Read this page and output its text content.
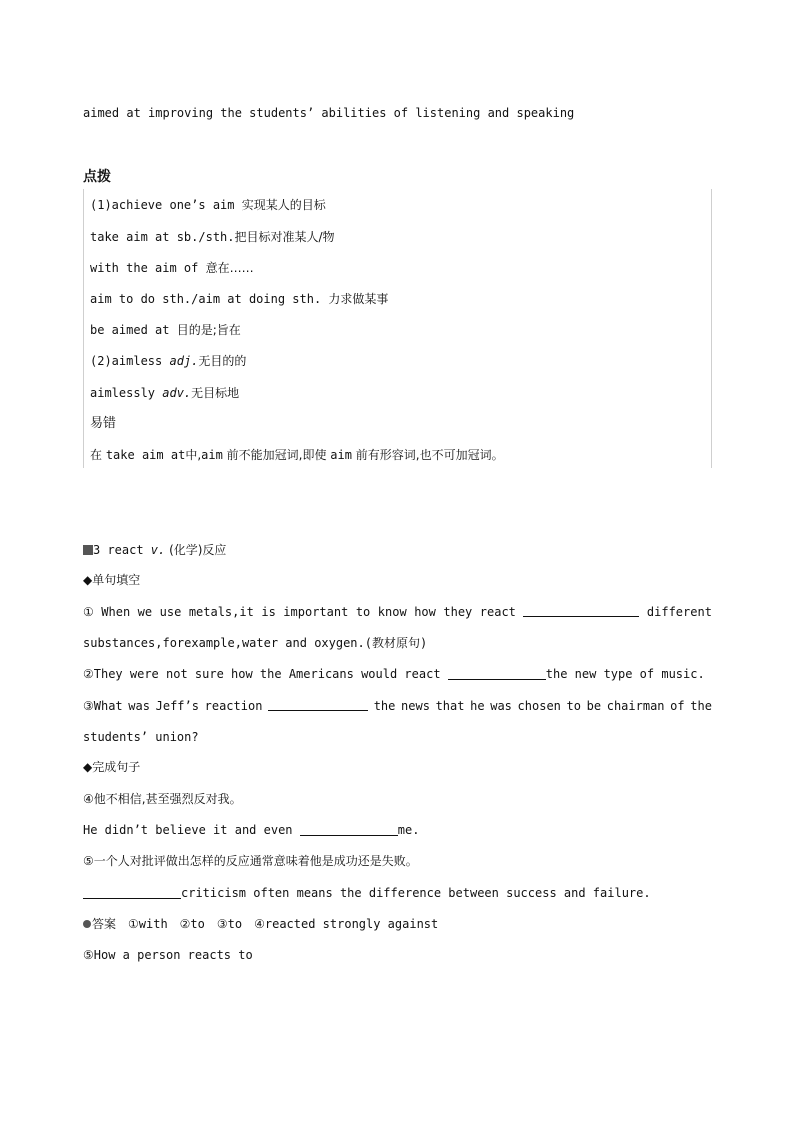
aimed at improving the students’ abilities of listening and speaking
点拨
(1)achieve one’s aim 实现某人的目标
take aim at sb./sth.把目标对准某人/物
with the aim of 意在……
aim to do sth./aim at doing sth. 力求做某事
be aimed at 目的是;旨在
(2)aimless adj.无目的的
aimlessly adv.无目标地
易错
在 take aim at中,aim 前不能加冠词,即使 aim 前有形容词,也不可加冠词。
3 react v. (化学)反应
◆单句填空
① When we use metals,it is important to know how they react	different
substances,forexample,water and oxygen.(教材原句)
②They were not sure how the Americans would react	the new type of music.
③What was Jeff’s reaction	the news that he was chosen to be chairman of the
students’ union?
◆完成句子
④他不相信,甚至强烈反对我。
He didn’t believe it and even	me.
⑤一个人对批评做出怎样的反应通常意味着他是成功还是失败。
criticism often means the difference between success and failure.
答案 ①with ②to ③to ④reacted strongly against
⑤How a person reacts to
